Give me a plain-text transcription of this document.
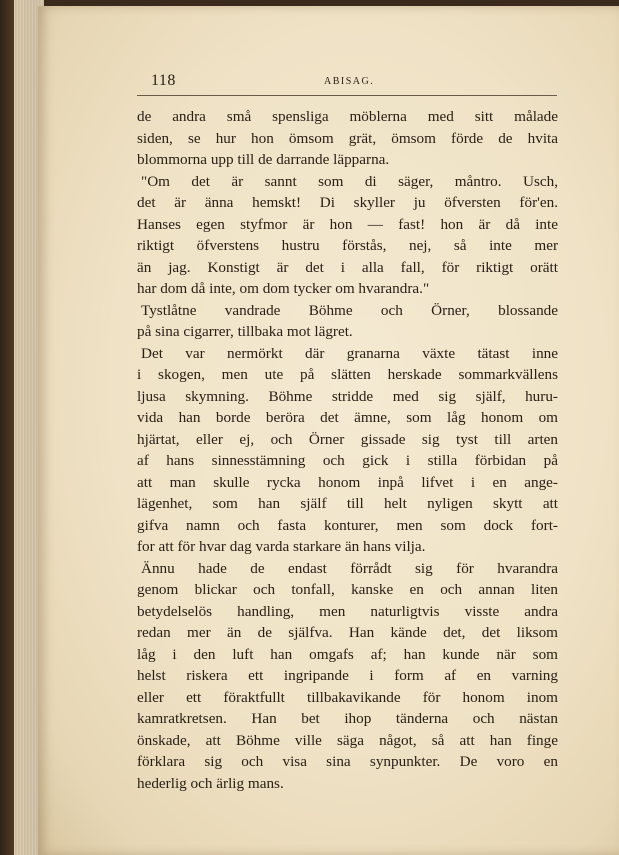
118	ABISAG.
de andra små spensliga möblerna med sitt målade
siden, se hur hon ömsom grät, ömsom förde de hvita
blommorna upp till de darrande läpparna.
"Om det är sannt som di säger, måntro. Usch,
det är änna hemskt! Di skyller ju öfversten för'en.
Hanses egen styfmor är hon — fast! hon är då inte
riktigt öfverstens hustru förstås, nej, så inte mer
än jag. Konstigt är det i alla fall, för riktigt orätt
har dom då inte, om dom tycker om hvarandra."
Tystlåtne vandrade Böhme och Örner, blossande
på sina cigarrer, tillbaka mot lägret.
Det var nermörkt där granarna växte tätast inne
i skogen, men ute på slätten herskade sommarkvällens
ljusa skymning. Böhme stridde med sig själf, huru-
vida han borde beröra det ämne, som låg honom om
hjärtat, eller ej, och Örner gissade sig tyst till arten
af hans sinnesstämning och gick i stilla förbidan på
att man skulle rycka honom inpå lifvet i en ange-
lägenhet, som han själf till helt nyligen skytt att
gifva namn och fasta konturer, men som dock fort-
for att för hvar dag varda starkare än hans vilja.
Ännu hade de endast förrådt sig för hvarandra
genom blickar och tonfall, kanske en och annan liten
betydelselös handling, men naturligtvis visste andra
redan mer än de själfva. Han kände det, det liksom
låg i den luft han omgafs af; han kunde när som
helst riskera ett ingripande i form af en varning
eller ett föraktfullt tillbakavikande för honom inom
kamratkretsen. Han bet ihop tänderna och nästan
önskade, att Böhme ville säga något, så att han finge
förklara sig och visa sina synpunkter. De voro en
hederlig och ärlig mans.
